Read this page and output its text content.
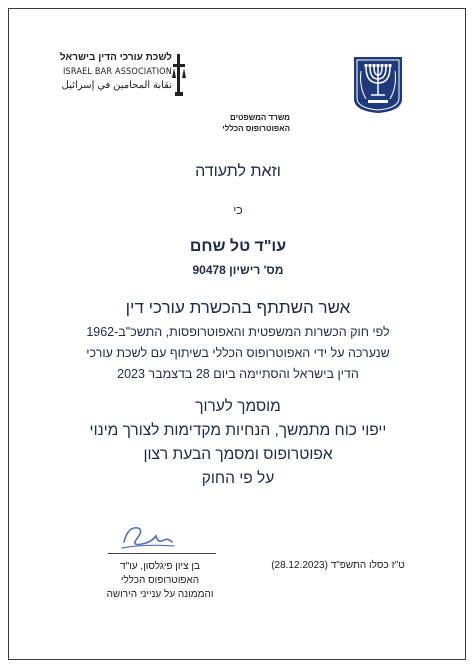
לשכת עורכי הדין בישראל
ISRAEL BAR ASSOCIATION
نقابة المحامين في إسرائيل
משרד המשפטים
האפוטרופוס הכללי
וזאת לתעודה
כי
עו"ד טל שחם
מס' רישיון 90478
אשר השתתף בהכשרת עורכי דין
לפי חוק הכשרות המשפטית והאפוטרופסות, התשכ"ב-1962
שנערכה על ידי האפוטרופוס הכללי בשיתוף עם לשכת עורכי
הדין בישראל והסתיימה ביום 28 בדצמבר 2023
מוסמך לערוך
ייפוי כוח מתמשך, הנחיות מקדימות לצורך מינוי
אפוטרופוס ומסמך הבעת רצון
על פי החוק
בן ציון פיגלסון, עו"ד
האפוטרופוס הכללי
והממונה על ענייני הירושה
ט"ז כסלו התשפ"ד (28.12.2023)
